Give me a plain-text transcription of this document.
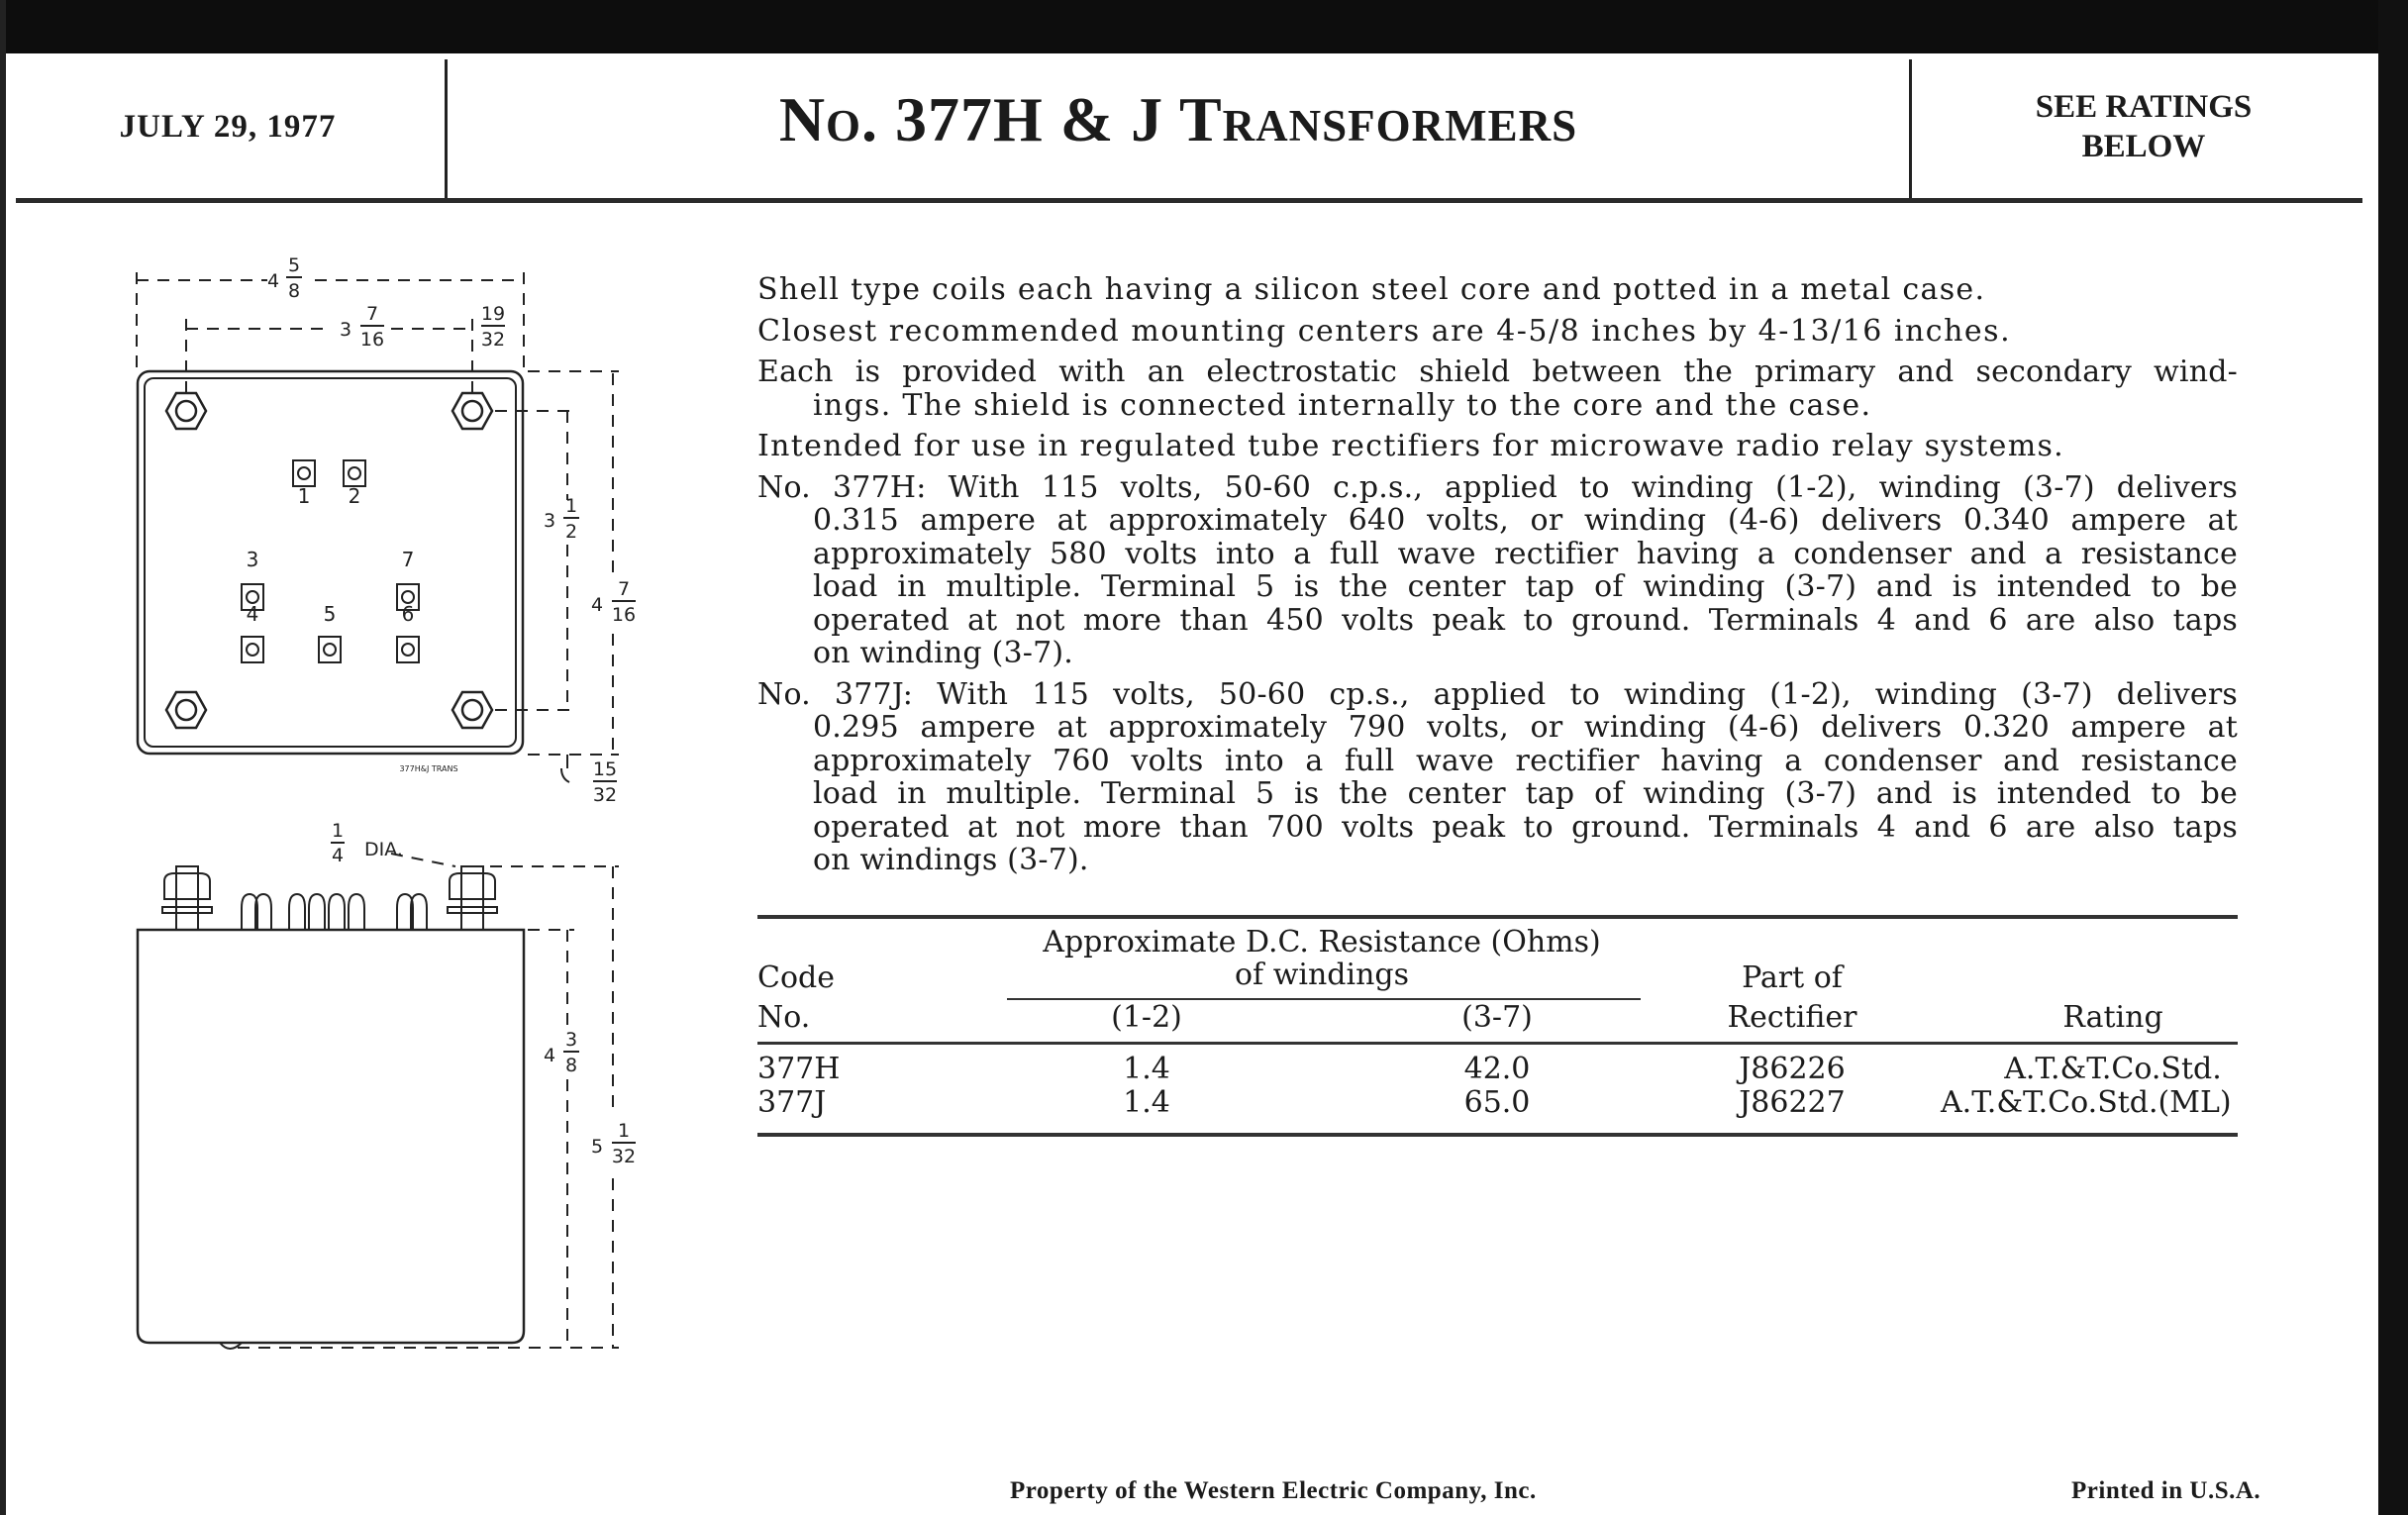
JULY 29, 1977	No. 377H & J Transformers	SEE RATINGS
BELOW
1 2
3
4	5	6
7
377H&J TRANS
4
5
8
3
7
16
19
32
3
1
2
4
7
16
15
32
1
4 DIA.
4
3
8
5
1
32
Shell type coils each having a silicon steel core and potted in a metal case.
Closest recommended mounting centers are 4-5/8 inches by 4-13/16 inches.
Each is provided with an electrostatic shield between the primary and secondary wind-
ings. The shield is connected internally to the core and the case.
Intended for use in regulated tube rectifiers for microwave radio relay systems.
No. 377H: With 115 volts, 50-60 c.p.s., applied to winding (1-2), winding (3-7) delivers
0.315 ampere at approximately 640 volts, or winding (4-6) delivers 0.340 ampere at
approximately 580 volts into a full wave rectifier having a condenser and a resistance
load in multiple. Terminal 5 is the center tap of winding (3-7) and is intended to be
operated at not more than 450 volts peak to ground. Terminals 4 and 6 are also taps
on winding (3-7).
No. 377J: With 115 volts, 50-60 cp.s., applied to winding (1-2), winding (3-7) delivers
0.295 ampere at approximately 790 volts, or winding (4-6) delivers 0.320 ampere at
approximately 760 volts into a full wave rectifier having a condenser and resistance
load in multiple. Terminal 5 is the center tap of winding (3-7) and is intended to be
operated at not more than 700 volts peak to ground. Terminals 4 and 6 are also taps
on windings (3-7).
Approximate D.C. Resistance (Ohms)
of windings
Code
No.	(1-2)	(3-7)
Part of
Rectifier	Rating
377H	1.4	42.0	J86226	A.T.&T.Co.Std.
377J	1.4	65.0	J86227	A.T.&T.Co.Std.(ML)
Property of the Western Electric Company, Inc.	Printed in U.S.A.
